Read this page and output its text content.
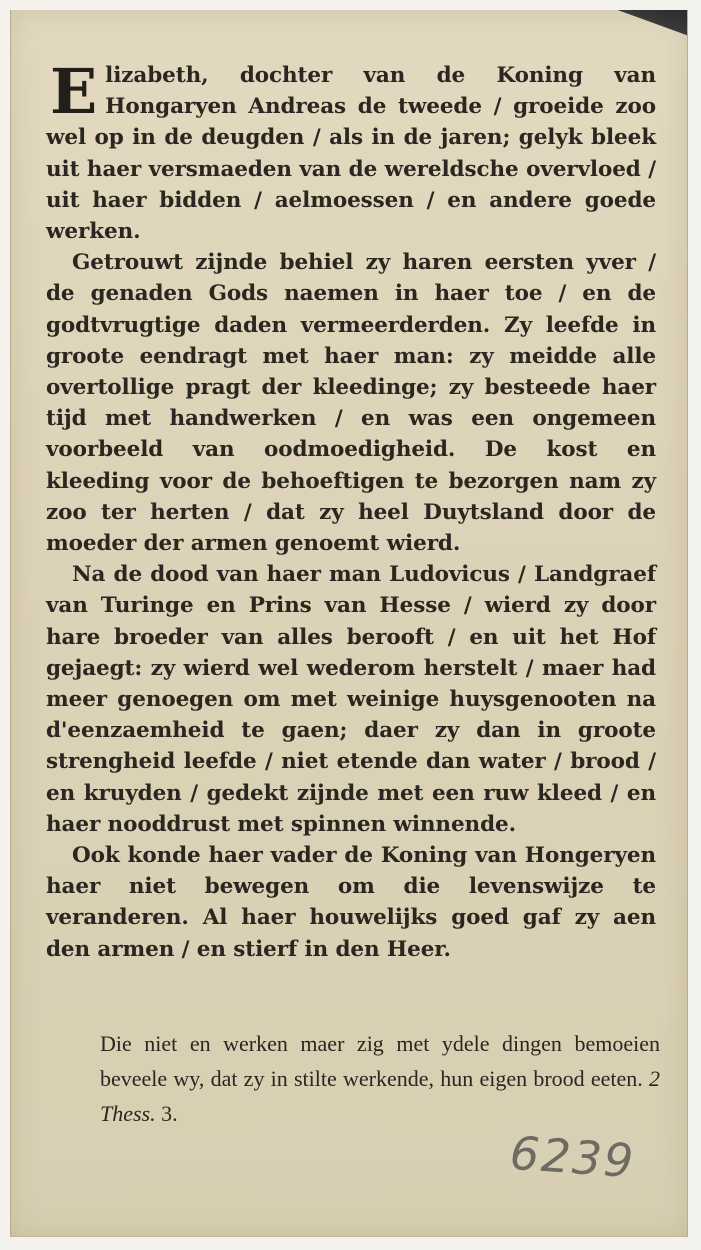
Elizabeth, dochter van de Koning van Hongaryen Andreas de tweede / groeide zoo wel op in de deugden / als in de jaren; gelyk bleek uit haer versmaeden van de wereldsche overvloed / uit haer bidden / aelmoessen / en andere goede werken.

Getrouwt zijnde behiel zy haren eersten yver / de genaden Gods naemen in haer toe / en de godtvrugtige daden vermeerderden. Zy leefde in groote eendragt met haer man: zy meidde alle overtollige pragt der kleedinge; zy besteede haer tijd met handwerken / en was een ongemeen voorbeeld van oodmoedigheid. De kost en kleeding voor de behoeftigen te bezorgen nam zy zoo ter herten / dat zy heel Duytsland door de moeder der armen genoemt wierd.

Na de dood van haer man Ludovicus / Landgraef van Turinge en Prins van Hesse / wierd zy door hare broeder van alles berooft / en uit het Hof gejaegt: zy wierd wel wederom herstelt / maer had meer genoegen om met weinige huysgenooten na d'eenzaemheid te gaen; daer zy dan in groote strengheid leefde / niet etende dan water / brood / en kruyden / gedekt zijnde met een ruw kleed / en haer nooddrust met spinnen winnende.

Ook konde haer vader de Koning van Hongeryen haer niet bewegen om die levenswijze te veranderen. Al haer houwelijks goed gaf zy aen den armen / en stierf in den Heer.

Die niet en werken maer zig met ydele dingen bemoeien beveele wy, dat zy in stilte werkende, hun eigen brood eeten. 2 Thess. 3.
6239
